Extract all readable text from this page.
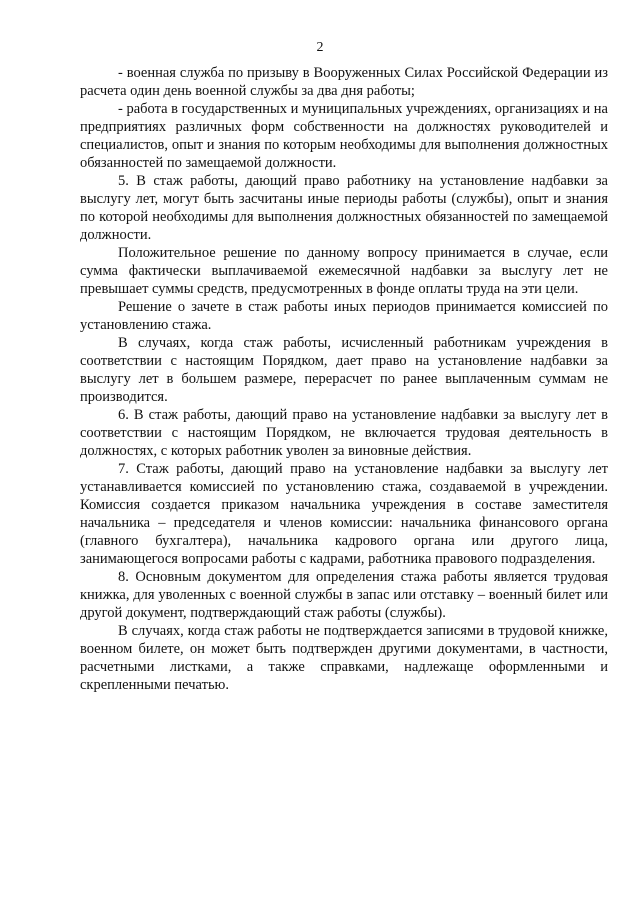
2

- военная служба по призыву в Вооруженных Силах Российской Федерации из расчета один день военной службы за два дня работы;

- работа в государственных и муниципальных учреждениях, организациях и на предприятиях различных форм собственности на должностях руководителей и специалистов, опыт и знания по которым необходимы для выполнения должностных обязанностей по замещаемой должности.

5. В стаж работы, дающий право работнику на установление надбавки за выслугу лет, могут быть засчитаны иные периоды работы (службы), опыт и знания по которой необходимы для выполнения должностных обязанностей по замещаемой должности.

Положительное решение по данному вопросу принимается в случае, если сумма фактически выплачиваемой ежемесячной надбавки за выслугу лет не превышает суммы средств, предусмотренных в фонде оплаты труда на эти цели.

Решение о зачете в стаж работы иных периодов принимается комиссией по установлению стажа.

В случаях, когда стаж работы, исчисленный работникам учреждения в соответствии с настоящим Порядком, дает право на установление надбавки за выслугу лет в большем размере, перерасчет по ранее выплаченным суммам не производится.

6. В стаж работы, дающий право на установление надбавки за выслугу лет в соответствии с настоящим Порядком, не включается трудовая деятельность в должностях, с которых работник уволен за виновные действия.

7. Стаж работы, дающий право на установление надбавки за выслугу лет устанавливается комиссией по установлению стажа, создаваемой в учреждении. Комиссия создается приказом начальника учреждения в составе заместителя начальника – председателя и членов комиссии: начальника финансового органа (главного бухгалтера), начальника кадрового органа или другого лица, занимающегося вопросами работы с кадрами, работника правового подразделения.

8. Основным документом для определения стажа работы является трудовая книжка, для уволенных с военной службы в запас или отставку – военный билет или другой документ, подтверждающий стаж работы (службы).

В случаях, когда стаж работы не подтверждается записями в трудовой книжке, военном билете, он может быть подтвержден другими документами, в частности, расчетными листками, а также справками, надлежаще оформленными и скрепленными печатью.
